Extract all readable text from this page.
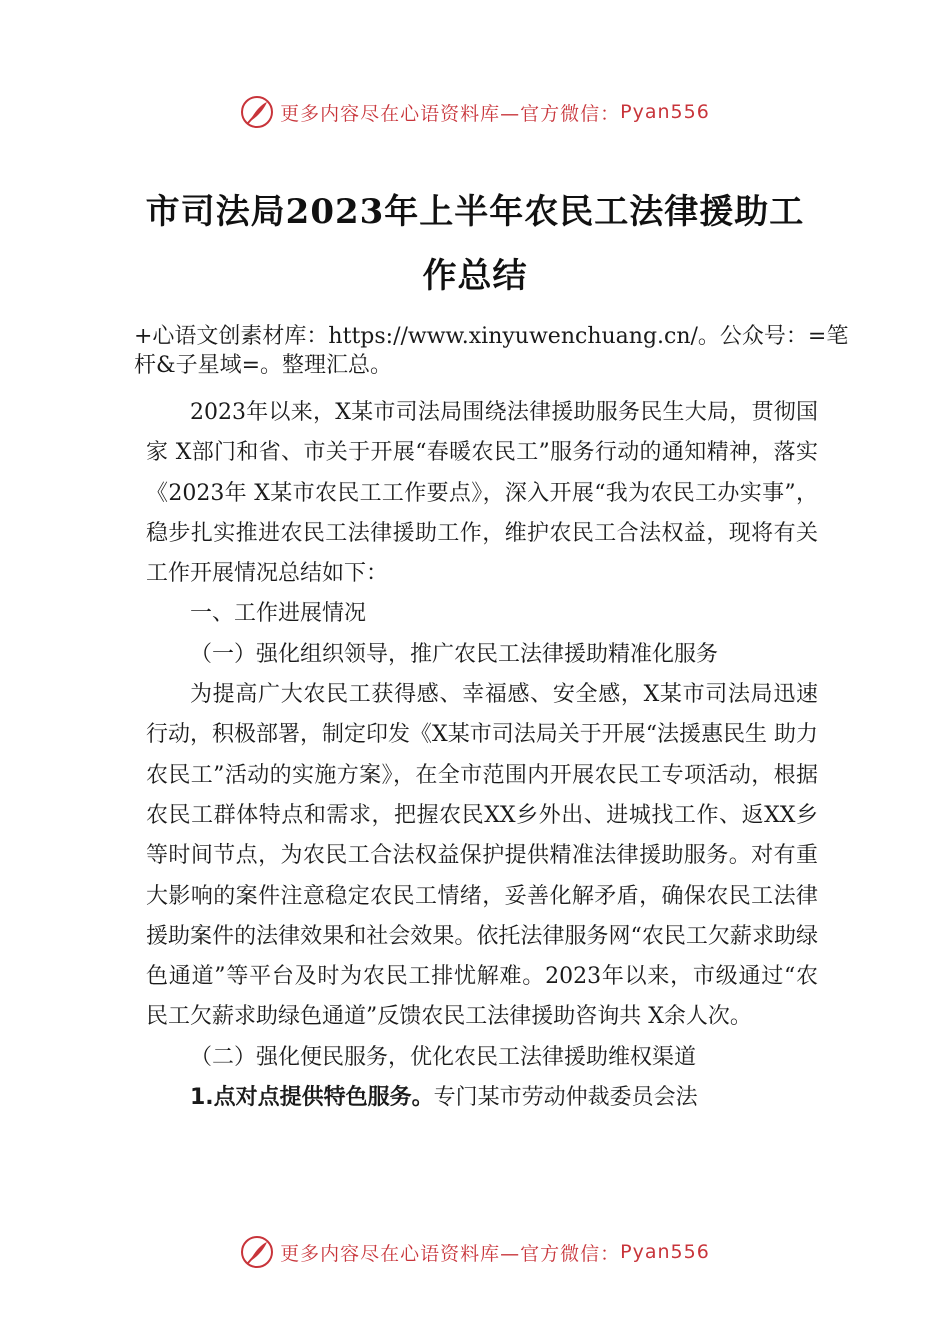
更多内容尽在心语资料库—官方微信： Pyan556
市司法局2023年上半年农民工法律援助工
作总结
+心语文创素材库：https://www.xinyuwenchuang.cn/。公众号：=笔杆&子星域=。整理汇总。

2023年以来，X某市司法局围绕法律援助服务民生大局，贯彻国家 X部门和省、市关于开展“春暖农民工”服务行动的通知精神，落实《2023年 X某市农民工工作要点》，深入开展“我为农民工办实事”，稳步扎实推进农民工法律援助工作，维护农民工合法权益，现将有关工作开展情况总结如下：

一、工作进展情况

（一）强化组织领导，推广农民工法律援助精准化服务

为提高广大农民工获得感、幸福感、安全感，X某市司法局迅速行动，积极部署，制定印发《X某市司法局关于开展“法援惠民生 助力农民工”活动的实施方案》，在全市范围内开展农民工专项活动，根据农民工群体特点和需求，把握农民XX乡外出、进城找工作、返XX乡等时间节点，为农民工合法权益保护提供精准法律援助服务。对有重大影响的案件注意稳定农民工情绪，妥善化解矛盾，确保农民工法律援助案件的法律效果和社会效果。依托法律服务网“农民工欠薪求助绿色通道”等平台及时为农民工排忧解难。2023年以来，市级通过“农民工欠薪求助绿色通道”反馈农民工法律援助咨询共 X余人次。

（二）强化便民服务，优化农民工法律援助维权渠道

1.点对点提供特色服务。专门某市劳动仲裁委员会法

更多内容尽在心语资料库—官方微信： Pyan556
